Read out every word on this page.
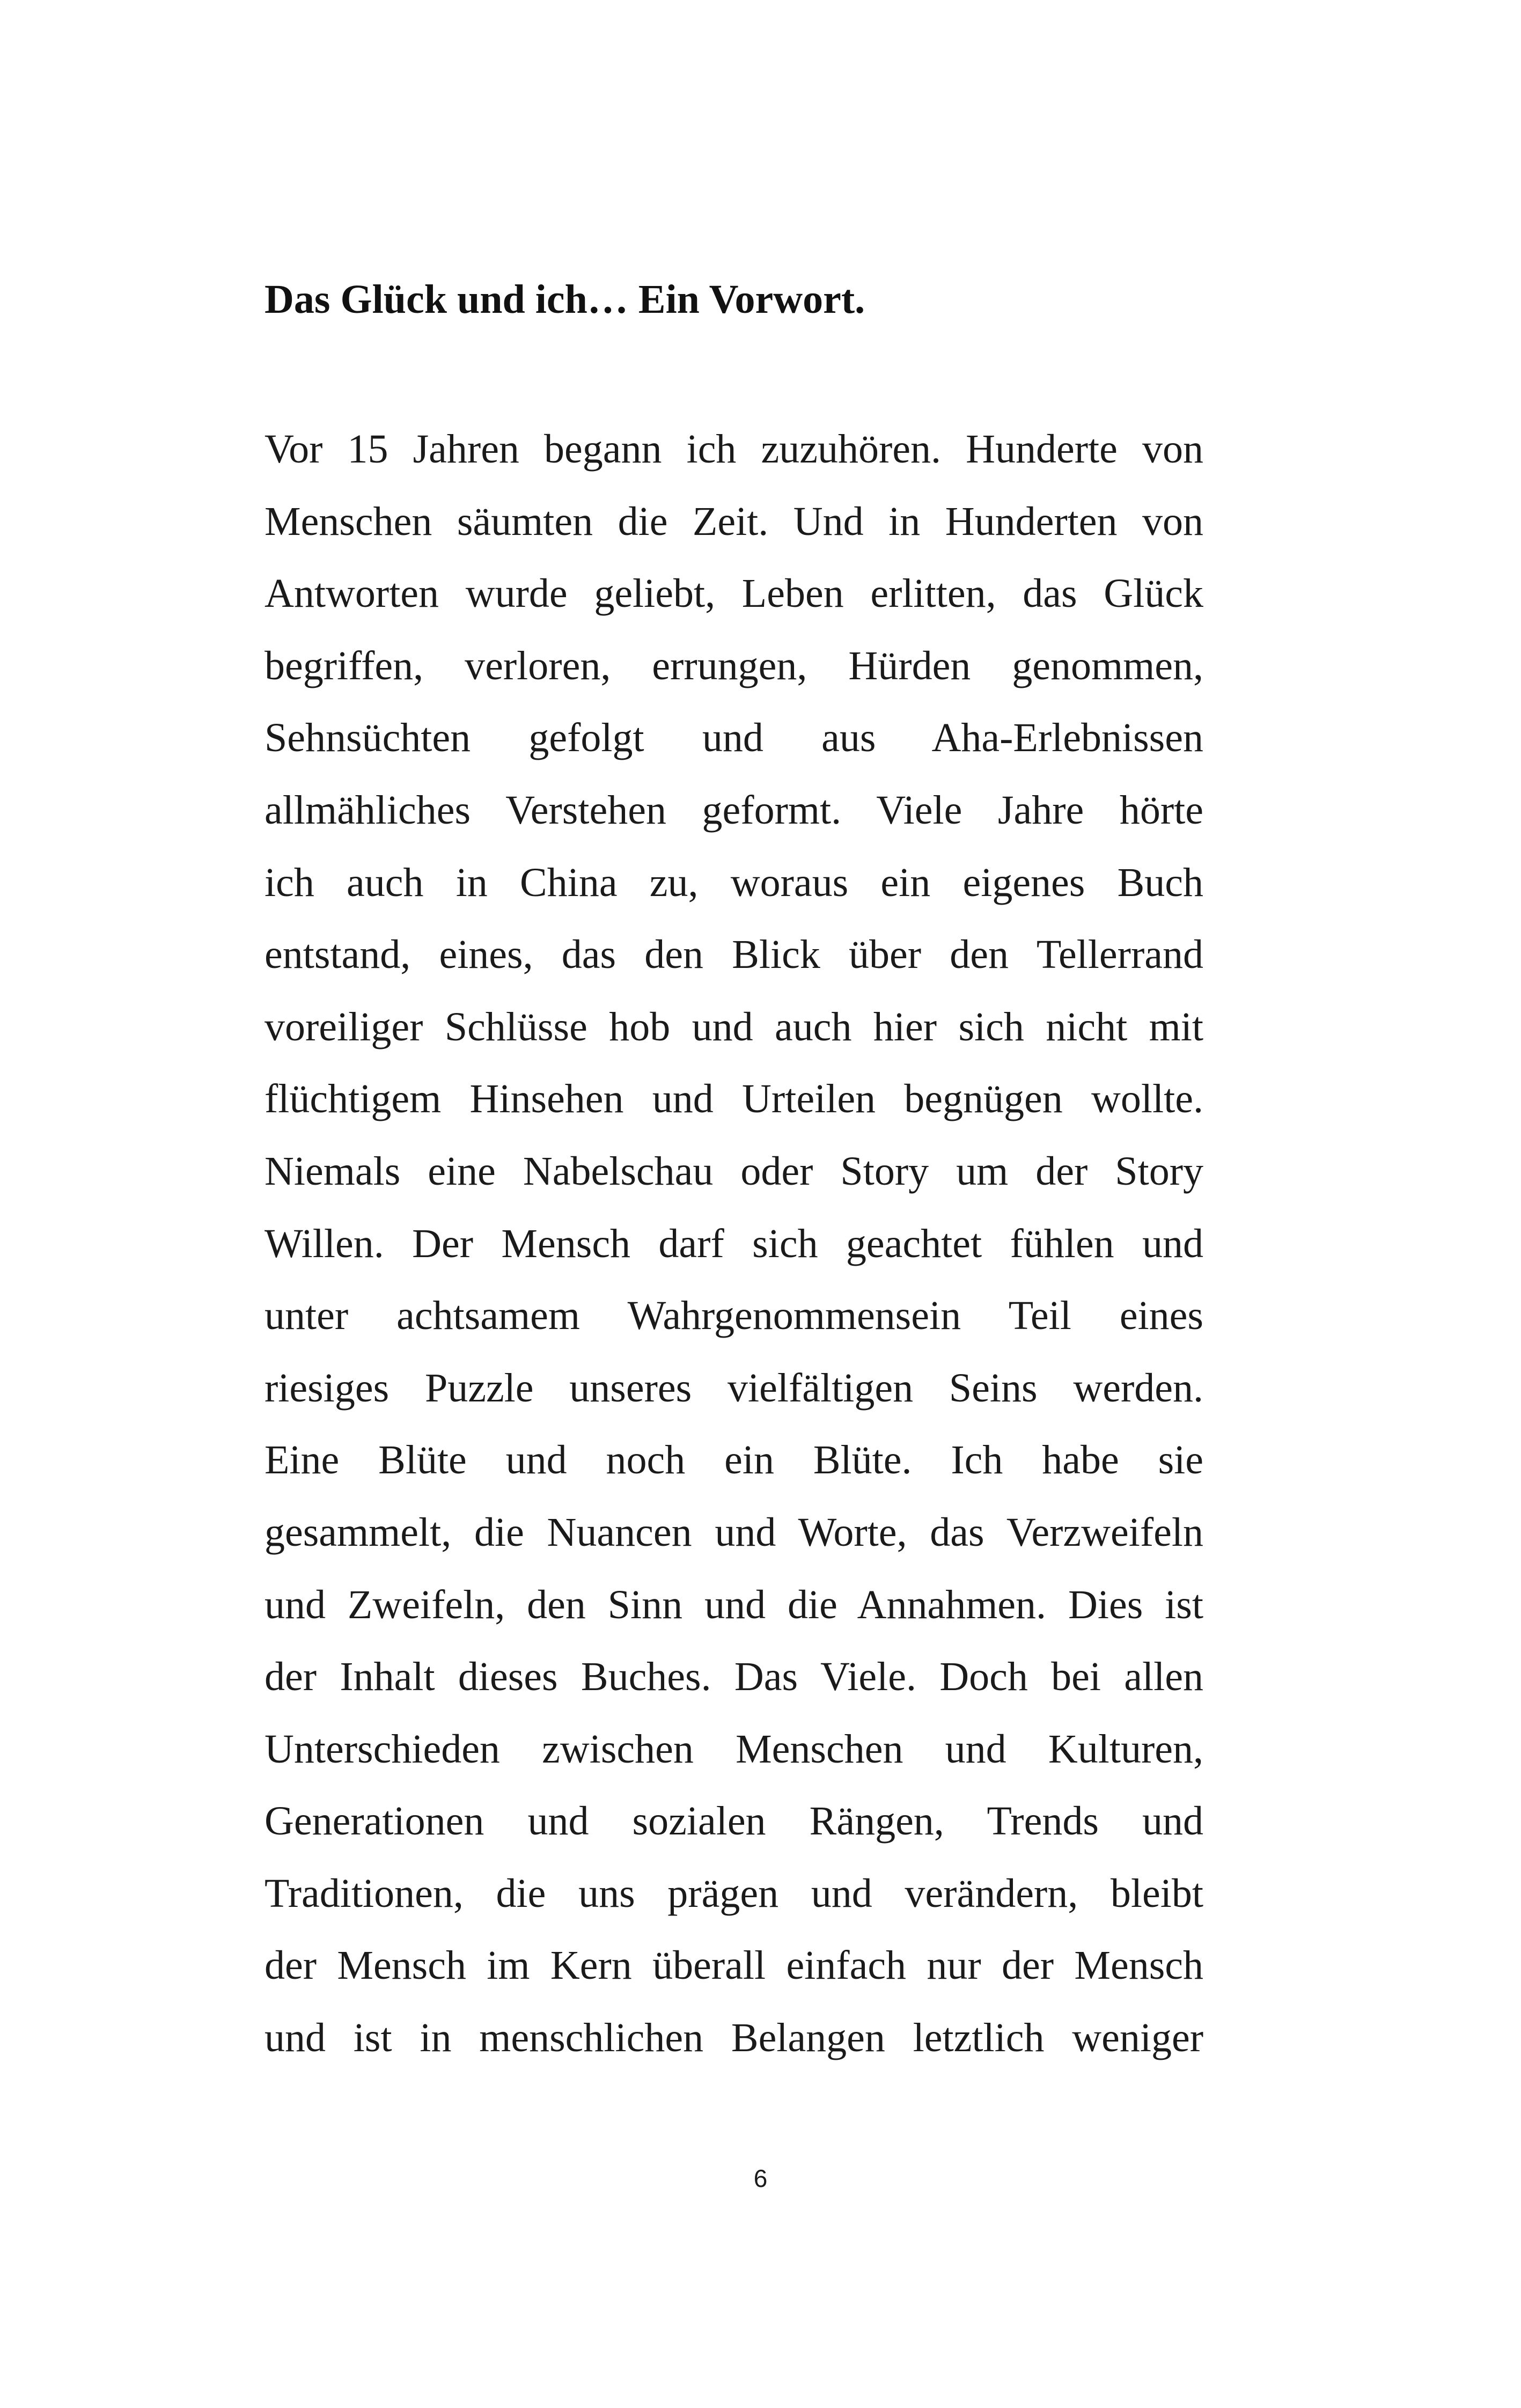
Das Glück und ich… Ein Vorwort.
Vor 15 Jahren begann ich zuzuhören. Hunderte von
Menschen säumten die Zeit. Und in Hunderten von
Antworten wurde geliebt, Leben erlitten, das Glück
begriffen, verloren, errungen, Hürden genommen,
Sehnsüchten gefolgt und aus Aha-Erlebnissen
allmähliches Verstehen geformt. Viele Jahre hörte
ich auch in China zu, woraus ein eigenes Buch
entstand, eines, das den Blick über den Tellerrand
voreiliger Schlüsse hob und auch hier sich nicht mit
flüchtigem Hinsehen und Urteilen begnügen wollte.
Niemals eine Nabelschau oder Story um der Story
Willen. Der Mensch darf sich geachtet fühlen und
unter achtsamem Wahrgenommensein Teil eines
riesiges Puzzle unseres vielfältigen Seins werden.
Eine Blüte und noch ein Blüte. Ich habe sie
gesammelt, die Nuancen und Worte, das Verzweifeln
und Zweifeln, den Sinn und die Annahmen. Dies ist
der Inhalt dieses Buches. Das Viele. Doch bei allen
Unterschieden zwischen Menschen und Kulturen,
Generationen und sozialen Rängen, Trends und
Traditionen, die uns prägen und verändern, bleibt
der Mensch im Kern überall einfach nur der Mensch
und ist in menschlichen Belangen letztlich weniger
6
